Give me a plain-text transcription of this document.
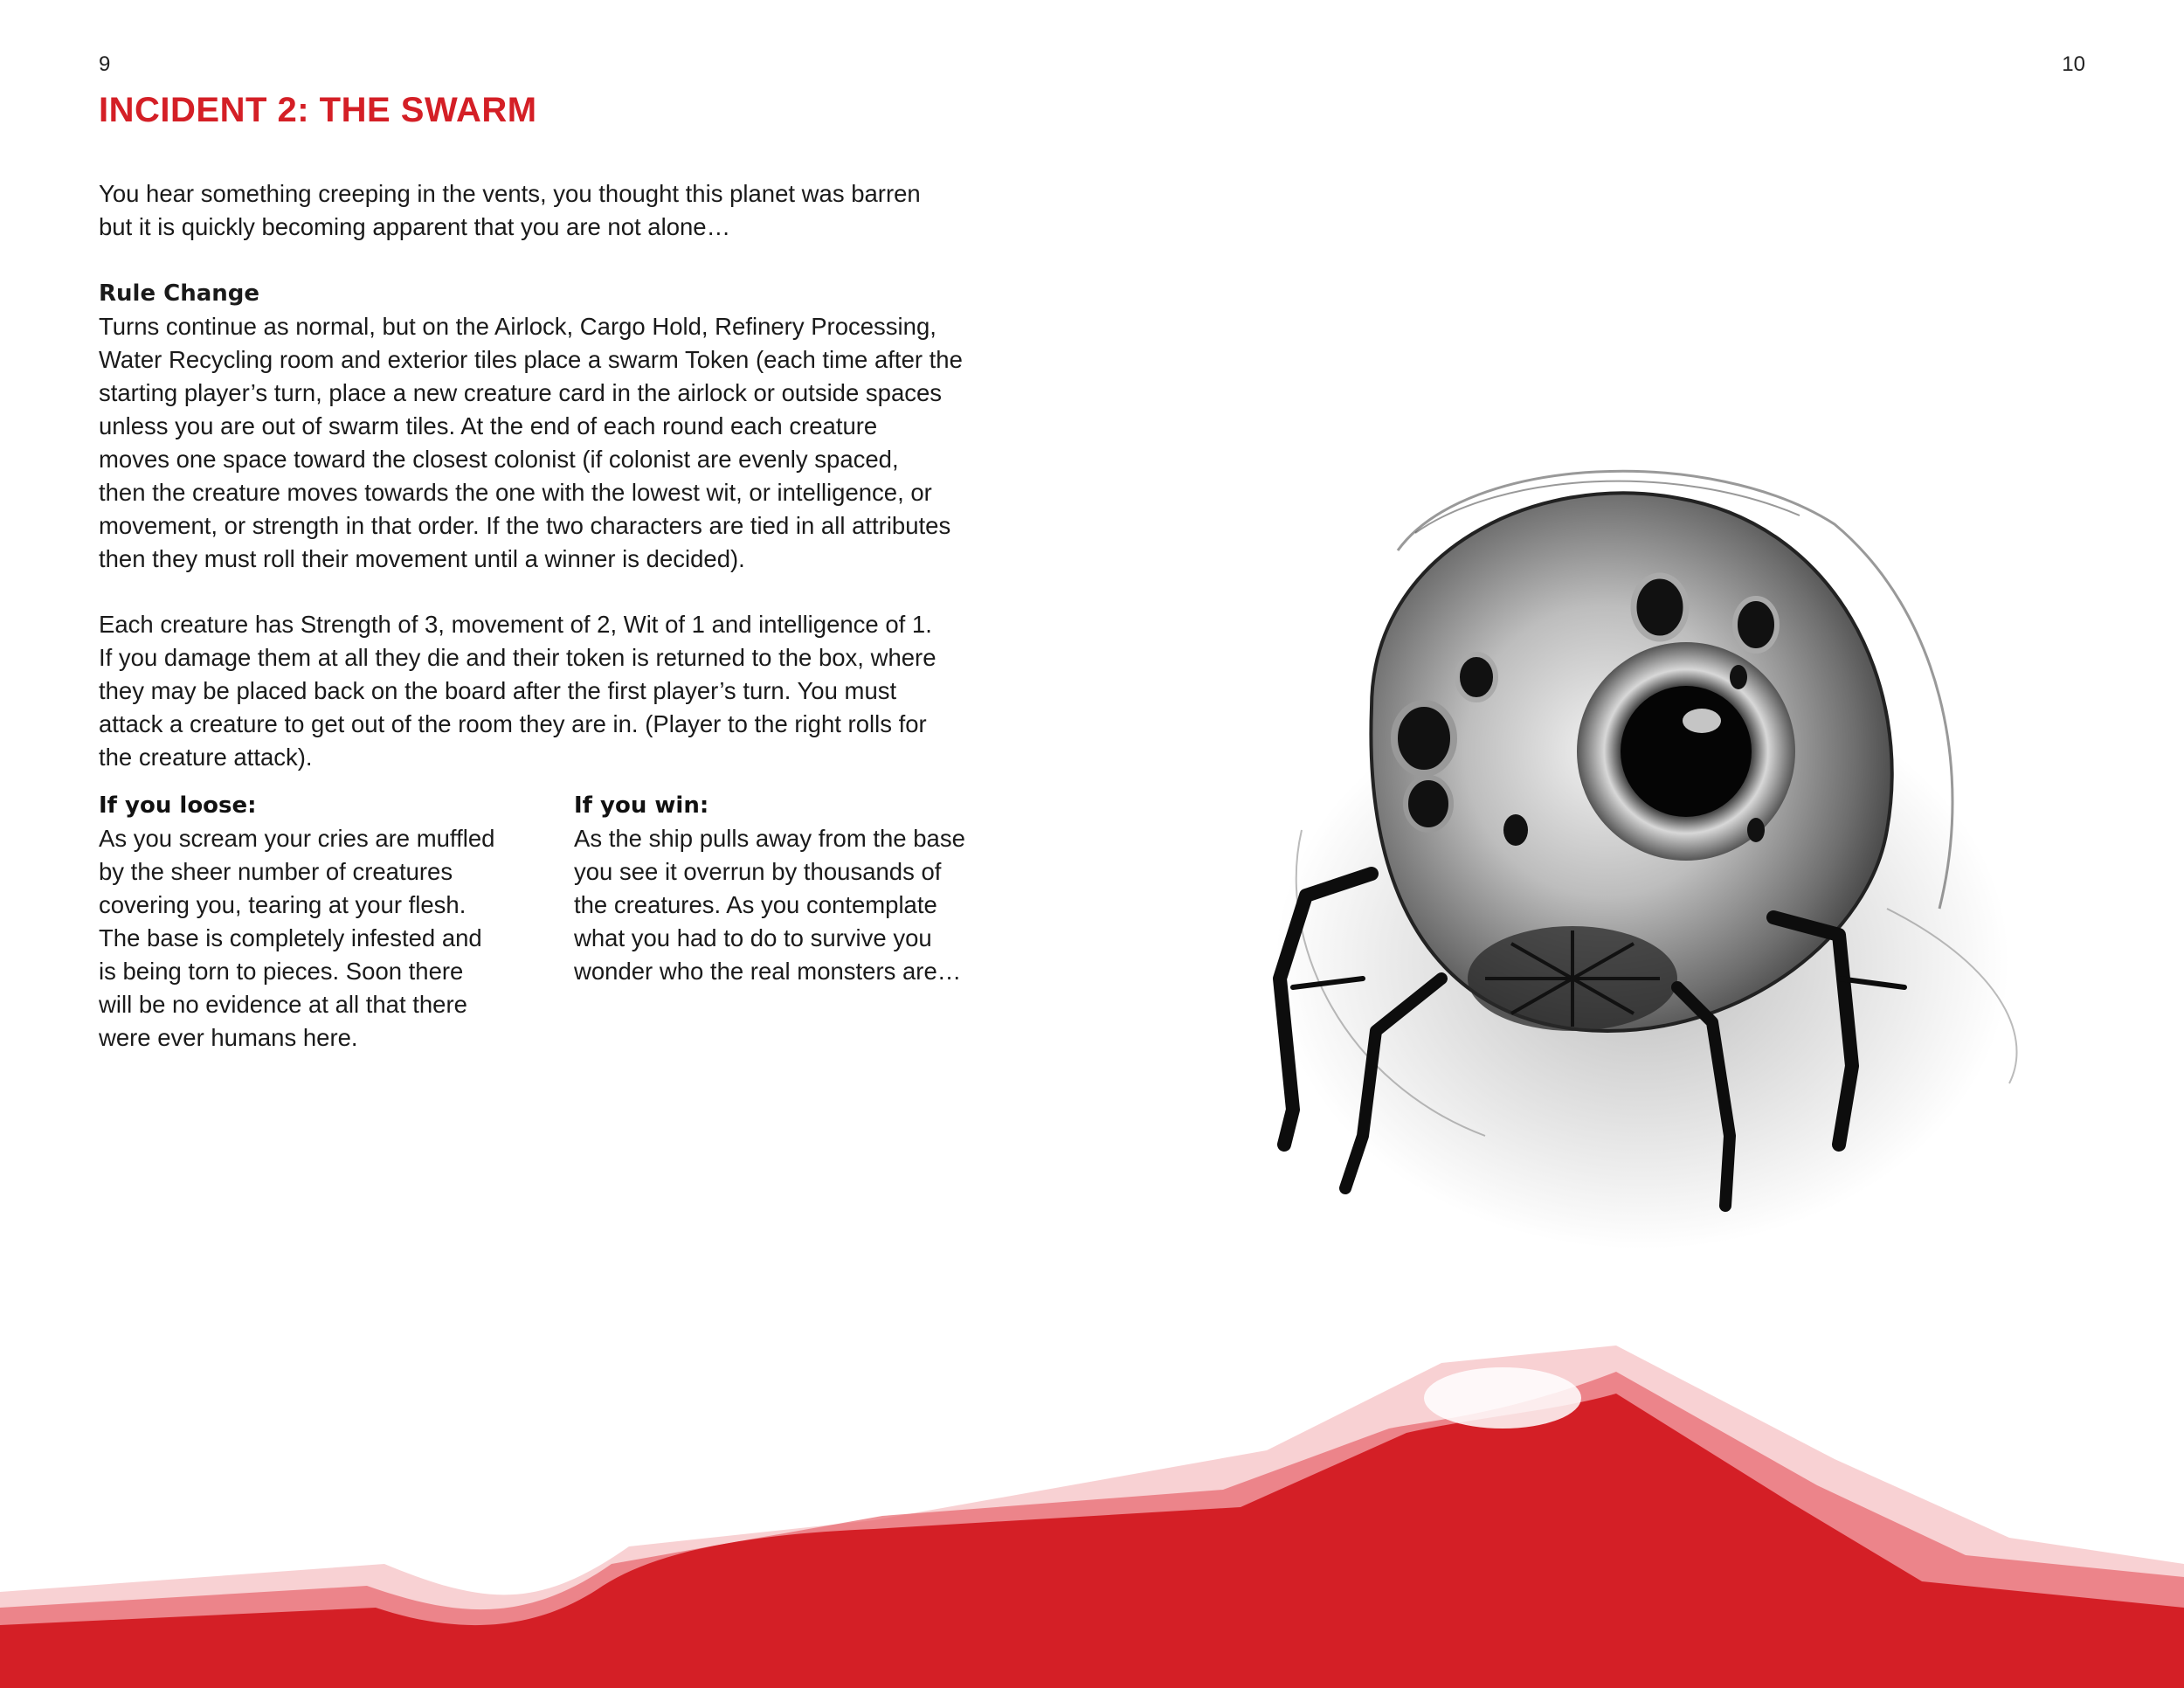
9	10
INCIDENT 2: THE SWARM

You hear something creeping in the vents, you thought this planet was barren
but it is quickly becoming apparent that you are not alone…

Rule Change

Turns continue as normal, but on the Airlock, Cargo Hold, Refinery Processing,
Water Recycling room and exterior tiles place a swarm Token (each time after the
starting player’s turn, place a new creature card in the airlock or outside spaces
unless you are out of swarm tiles. At the end of each round each creature
moves one space toward the closest colonist (if colonist are evenly spaced,
then the creature moves towards the one with the lowest wit, or intelligence, or
movement, or strength in that order. If the two characters are tied in all attributes
then they must roll their movement until a winner is decided).

Each creature has Strength of 3, movement of 2, Wit of 1 and intelligence of 1.
If you damage them at all they die and their token is returned to the box, where
they may be placed back on the board after the first player’s turn. You must
attack a creature to get out of the room they are in. (Player to the right rolls for
the creature attack).

If you loose:

As you scream your cries are muffled
by the sheer number of creatures
covering you, tearing at your flesh.
The base is completely infested and
is being torn to pieces. Soon there
will be no evidence at all that there
were ever humans here.

If you win:

As the ship pulls away from the base
you see it overrun by thousands of
the creatures. As you contemplate
what you had to do to survive you
wonder who the real monsters are…
